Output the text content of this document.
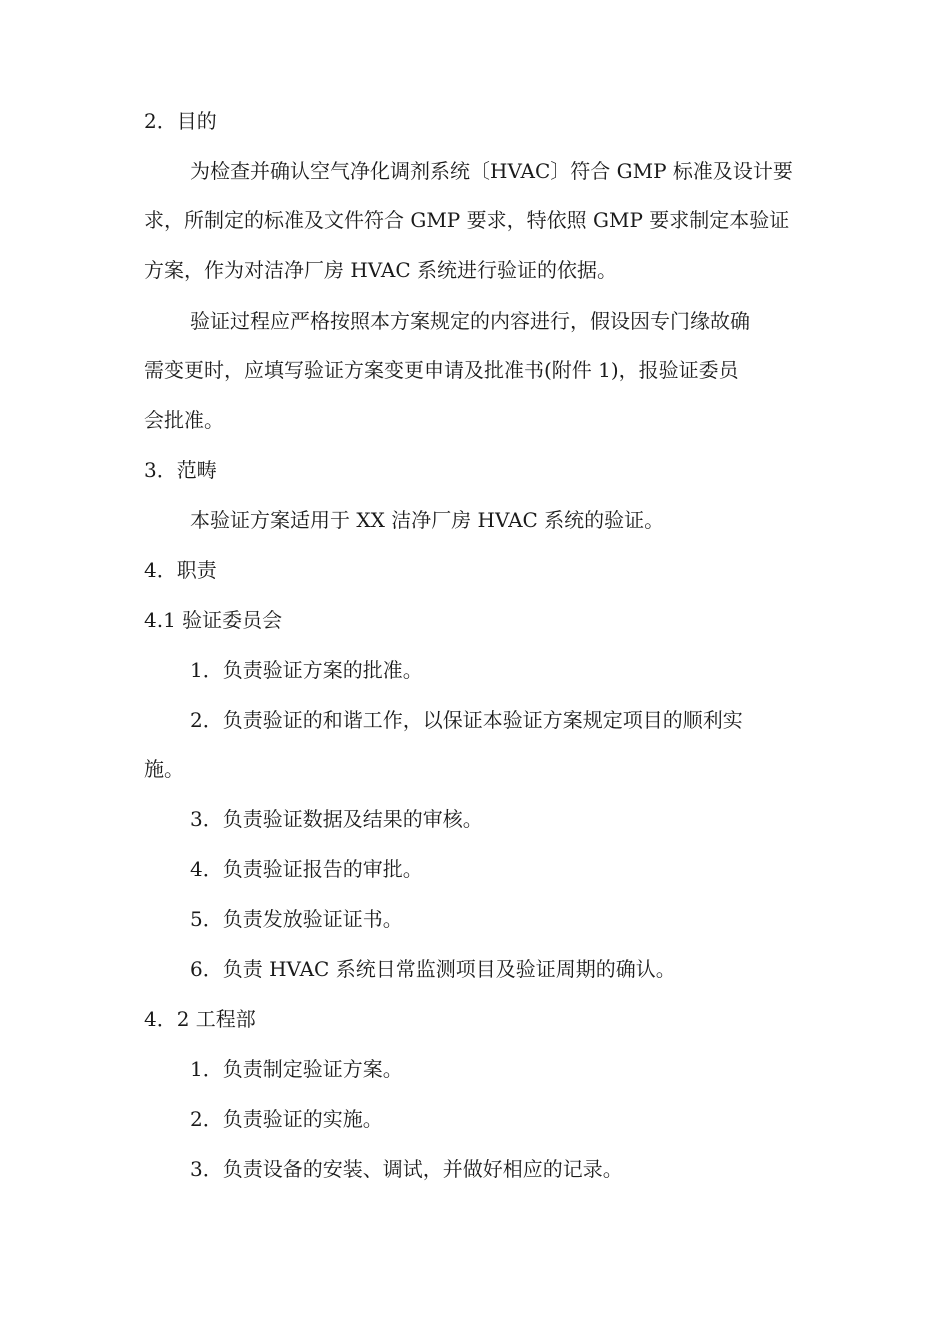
2．目的
为检查并确认空气净化调剂系统〔HVAC〕符合 GMP 标准及设计要
求，所制定的标准及文件符合 GMP 要求，特依照 GMP 要求制定本验证
方案，作为对洁净厂房 HVAC 系统进行验证的依据。
验证过程应严格按照本方案规定的内容进行，假设因专门缘故确
需变更时，应填写验证方案变更申请及批准书(附件 1)，报验证委员
会批准。
3．范畴
本验证方案适用于 XX 洁净厂房 HVAC 系统的验证。
4．职责
4.1 验证委员会
1．负责验证方案的批准。
2．负责验证的和谐工作，以保证本验证方案规定项目的顺利实
施。
3．负责验证数据及结果的审核。
4．负责验证报告的审批。
5．负责发放验证证书。
6．负责 HVAC 系统日常监测项目及验证周期的确认。
4．2 工程部
1．负责制定验证方案。
2．负责验证的实施。
3．负责设备的安装、调试，并做好相应的记录。
